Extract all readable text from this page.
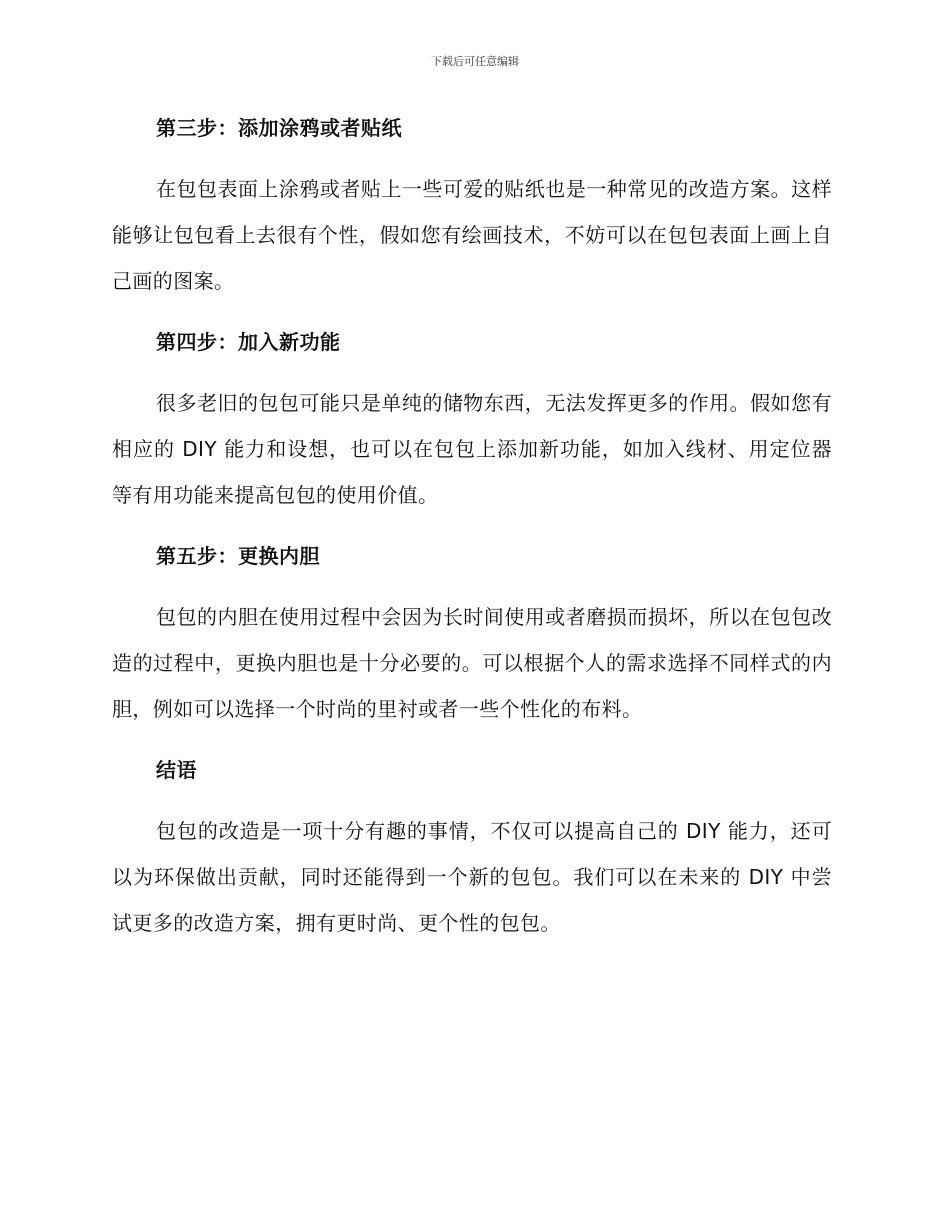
下载后可任意编辑
第三步：添加涂鸦或者贴纸

在包包表面上涂鸦或者贴上一些可爱的贴纸也是一种常见的改造方案。这样能够让包包看上去很有个性，假如您有绘画技术，不妨可以在包包表面上画上自己画的图案。

第四步：加入新功能

很多老旧的包包可能只是单纯的储物东西，无法发挥更多的作用。假如您有相应的 DIY 能力和设想，也可以在包包上添加新功能，如加入线材、用定位器等有用功能来提高包包的使用价值。

第五步：更换内胆

包包的内胆在使用过程中会因为长时间使用或者磨损而损坏，所以在包包改造的过程中，更换内胆也是十分必要的。可以根据个人的需求选择不同样式的内胆，例如可以选择一个时尚的里衬或者一些个性化的布料。

结语

包包的改造是一项十分有趣的事情，不仅可以提高自己的 DIY 能力，还可以为环保做出贡献，同时还能得到一个新的包包。我们可以在未来的 DIY 中尝试更多的改造方案，拥有更时尚、更个性的包包。
